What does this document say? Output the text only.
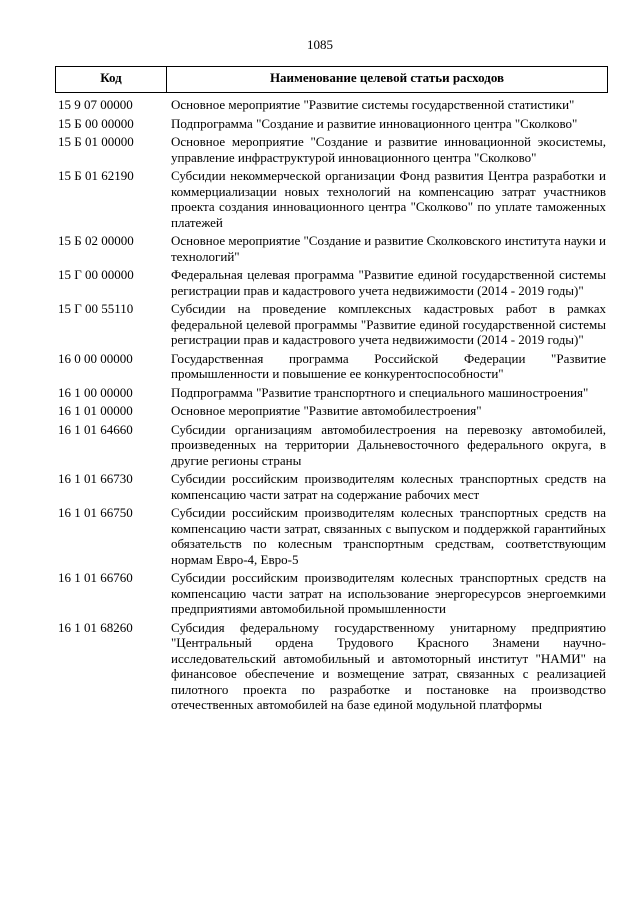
1085
Код	Наименование целевой статьи расходов
15 9 07 00000	Основное мероприятие "Развитие системы государственной статистики"
15 Б 00 00000	Подпрограмма "Создание и развитие инновационного центра "Сколково"
15 Б 01 00000	Основное мероприятие "Создание и развитие инновационной экосистемы, управление инфраструктурой инновационного центра "Сколково"
15 Б 01 62190	Субсидии некоммерческой организации Фонд развития Центра разработки и коммерциализации новых технологий на компенсацию затрат участников проекта создания инновационного центра "Сколково" по уплате таможенных платежей
15 Б 02 00000	Основное мероприятие "Создание и развитие Сколковского института науки и технологий"
15 Г 00 00000	Федеральная целевая программа "Развитие единой государственной системы регистрации прав и кадастрового учета недвижимости (2014 - 2019 годы)"
15 Г 00 55110	Субсидии на проведение комплексных кадастровых работ в рамках федеральной целевой программы "Развитие единой государственной системы регистрации прав и кадастрового учета недвижимости (2014 - 2019 годы)"
16 0 00 00000	Государственная программа Российской Федерации "Развитие промышленности и повышение ее конкурентоспособности"
16 1 00 00000	Подпрограмма "Развитие транспортного и специального машиностроения"
16 1 01 00000	Основное мероприятие "Развитие автомобилестроения"
16 1 01 64660	Субсидии организациям автомобилестроения на перевозку автомобилей, произведенных на территории Дальневосточного федерального округа, в другие регионы страны
16 1 01 66730	Субсидии российским производителям колесных транспортных средств на компенсацию части затрат на содержание рабочих мест
16 1 01 66750	Субсидии российским производителям колесных транспортных средств на компенсацию части затрат, связанных с выпуском и поддержкой гарантийных обязательств по колесным транспортным средствам, соответствующим нормам Евро-4, Евро-5
16 1 01 66760	Субсидии российским производителям колесных транспортных средств на компенсацию части затрат на использование энергоресурсов энергоемкими предприятиями автомобильной промышленности
16 1 01 68260	Субсидия федеральному государственному унитарному предприятию "Центральный ордена Трудового Красного Знамени научно-исследовательский автомобильный и автомоторный институт "НАМИ" на финансовое обеспечение и возмещение затрат, связанных с реализацией пилотного проекта по разработке и постановке на производство отечественных автомобилей на базе единой модульной платформы
